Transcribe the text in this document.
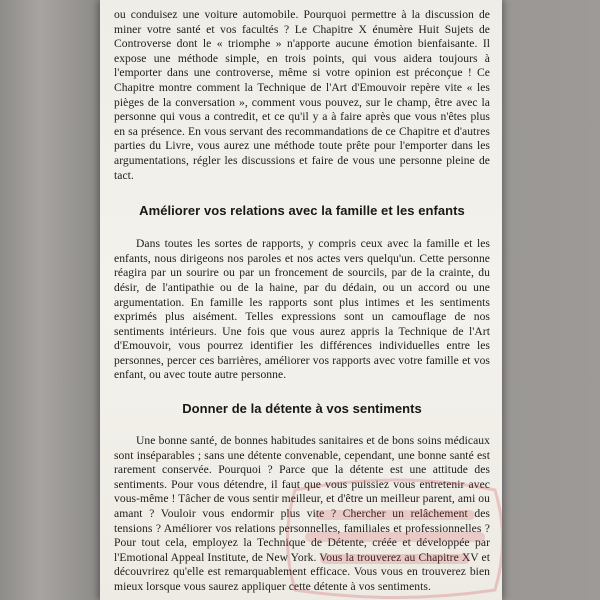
ou conduisez une voiture automobile. Pourquoi permettre à la discussion de miner votre santé et vos facultés ? Le Chapitre X énumère Huit Sujets de Controverse dont le « triomphe » n'apporte aucune émotion bienfaisante. Il expose une méthode simple, en trois points, qui vous aidera toujours à l'emporter dans une controverse, même si votre opinion est préconçue ! Ce Chapitre montre comment la Technique de l'Art d'Emouvoir repère vite « les pièges de la conversation », comment vous pouvez, sur le champ, être avec la personne qui vous a contredit, et ce qu'il y a à faire après que vous n'êtes plus en sa présence. En vous servant des recommandations de ce Chapitre et d'autres parties du Livre, vous aurez une méthode toute prête pour l'emporter dans les argumentations, régler les discussions et faire de vous une personne pleine de tact.

Améliorer vos relations avec la famille et les enfants

Dans toutes les sortes de rapports, y compris ceux avec la famille et les enfants, nous dirigeons nos paroles et nos actes vers quelqu'un. Cette personne réagira par un sourire ou par un froncement de sourcils, par de la crainte, du désir, de l'antipathie ou de la haine, par du dédain, ou un accord ou une argumentation. En famille les rapports sont plus intimes et les sentiments exprimés plus aisément. Telles expressions sont un camouflage de nos sentiments intérieurs. Une fois que vous aurez appris la Technique de l'Art d'Emouvoir, vous pourrez identifier les différences individuelles entre les personnes, percer ces barrières, améliorer vos rapports avec votre famille et vos enfant, ou avec toute autre personne.

Donner de la détente à vos sentiments

Une bonne santé, de bonnes habitudes sanitaires et de bons soins médicaux sont inséparables ; sans une détente convenable, cependant, une bonne santé est rarement conservée. Pourquoi ? Parce que la détente est une attitude des sentiments. Pour vous détendre, il faut que vous puissiez vous entretenir avec vous-même ! Tâcher de vous sentir meilleur, et d'être un meilleur parent, ami ou amant ? Vouloir vous endormir plus vite ? Chercher un relâchement des tensions ? Améliorer vos relations personnelles, familiales et professionnelles ? Pour tout cela, employez la Technique de Détente, créée et développée par l'Emotional Appeal Institute, de New York. Vous la trouverez au Chapitre XV et découvrirez qu'elle est remarquablement efficace. Vous vous en trouverez bien mieux lorsque vous saurez appliquer cette détente à vos sentiments.
